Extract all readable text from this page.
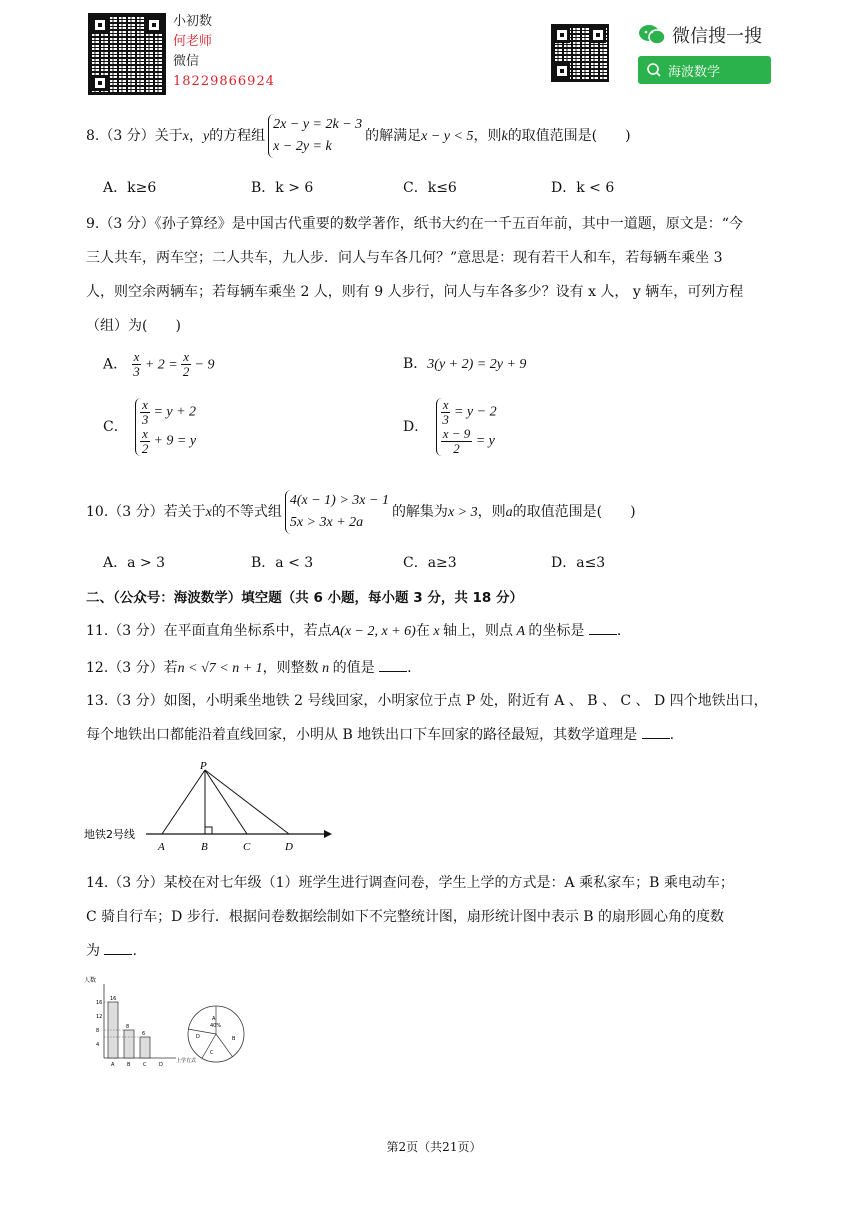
小初数
何老师
微信
18229866924
微信搜一搜
海波数学
8.（3 分）关于x，y的方程组
2x − y = 2k − 3
x − 2y = k
的解满足x − y < 5，则k的取值范围是(　　)
A．k≥6	B．k > 6	C．k≤6	D．k < 6
9.（3 分）《孙子算经》是中国古代重要的数学著作，纸书大约在一千五百年前，其中一道题，原文是：“今
三人共车，两车空；二人共车，九人步．问人与车各几何？”意思是：现有若干人和车，若每辆车乘坐 3
人，则空余两辆车；若每辆车乘坐 2 人，则有 9 人步行，问人与车各多少？设有 x 人， y 辆车，可列方程
（组）为(　　)
A． $\frac{x}{3} + 2 = \frac{x}{2} - 9$	B．3(y + 2) = 2y + 9
C． $\frac{x}{3} = y + 2$
$\frac{x}{2} + 9 = y$
D． $\frac{x}{3} = y - 2$
$\frac{x - 9}{2} = y$
10.（3 分）若关于x的不等式组
4(x − 1) > 3x − 1
5x > 3x + 2a
的解集为x > 3，则a的取值范围是(　　)
A．a > 3	B．a < 3	C．a≥3	D．a≤3
二、（公众号：海波数学）填空题（共 6 小题，每小题 3 分，共 18 分）
11.（3 分）在平面直角坐标系中，若点A(x − 2, x + 6)在 x 轴上，则点 A 的坐标是 .
12.（3 分）若n < √7 < n + 1，则整数 n 的值是 .
13.（3 分）如图，小明乘坐地铁 2 号线回家，小明家位于点 P 处，附近有 A 、 B 、 C 、 D 四个地铁出口，
每个地铁出口都能沿着直线回家，小明从 B 地铁出口下车回家的路径最短，其数学道理是 .
地铁2号线
P
A	B	C	D
14.（3 分）某校在对七年级（1）班学生进行调查问卷，学生上学的方式是：A 乘私家车；B 乘电动车；
C 骑自行车；D 步行．根据问卷数据绘制如下不完整统计图，扇形统计图中表示 B 的扇形圆心角的度数
为 .
人数
上学方式
4
8
12
16
16
A
8
B
6
C	D
A
B
C
D
40%
第2页（共21页）
